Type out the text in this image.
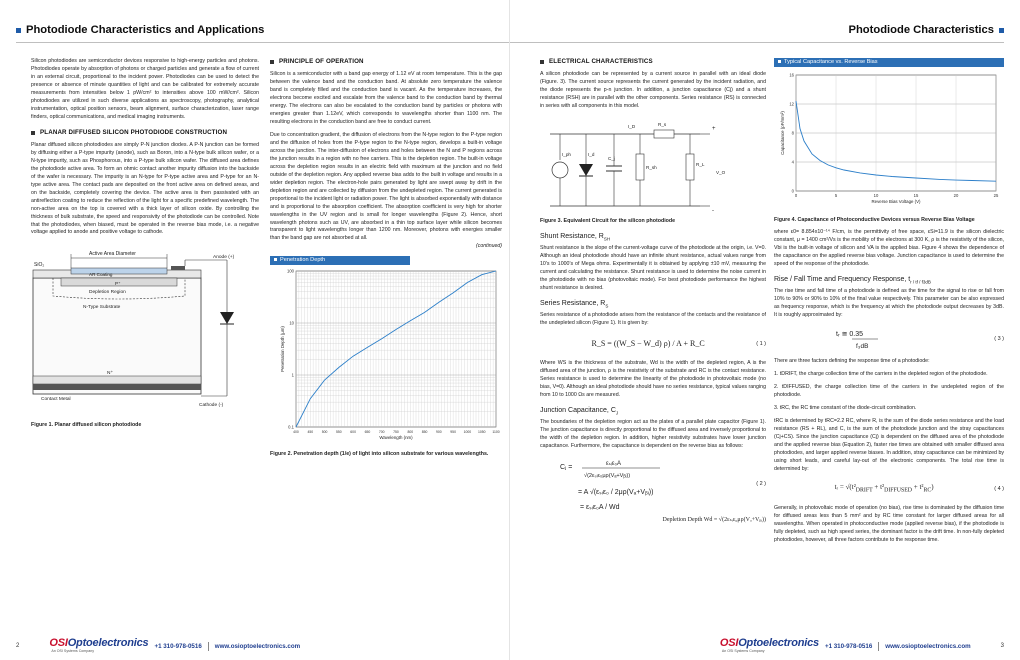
Photodiode Characteristics and Applications

Silicon photodiodes are semiconductor devices responsive to high-energy particles and photons. Photodiodes operate by absorption of photons or charged particles and generate a flow of current in an external circuit, proportional to the incident power. Photodiodes can be used to detect the presence or absence of minute quantities of light and can be calibrated for extremely accurate measurements from intensities below 1 pW/cm² to intensities above 100 mW/cm². Silicon photodiodes are utilized in such diverse applications as spectroscopy, photography, analytical instrumentation, optical position sensors, beam alignment, surface characterization, laser range finders, optical communications, and medical imaging instruments.

PLANAR DIFFUSED SILICON PHOTODIODE CONSTRUCTION

Planar diffused silicon photodiodes are simply P-N junction diodes. A P-N junction can be formed by diffusing either a P-type impurity (anode), such as Boron, into a N-type bulk silicon wafer, or a N-type impurity, such as Phosphorous, into a P-type bulk silicon wafer. The diffused area defines the photodiode active area. To form an ohmic contact another impurity diffusion into the backside of the wafer is necessary. The impurity is an N-type for P-type active area and P-type for an N-type active area. The contact pads are deposited on the front active area on defined areas, and on the backside, completely covering the device. The active area is then passivated with an antireflection coating to reduce the reflection of the light for a specific predefined wavelength. The non-active area on the top is covered with a thick layer of silicon oxide. By controlling the thickness of bulk substrate, the speed and responsivity of the photodiode can be controlled. Note that the photodiodes, when biased, must be operated in the reverse bias mode, i.e. a negative voltage applied to anode and positive voltage to cathode.

Active Area Diameter
SiO₂
AR Coating
P⁺
Depletion Region
N-Type Substrate
N⁺
Contact Metal
Anode (+)
Cathode (-)
Figure 1. Planar diffused silicon photodiode
PRINCIPLE OF OPERATION

Silicon is a semiconductor with a band gap energy of 1.12 eV at room temperature. This is the gap between the valence band and the conduction band. At absolute zero temperature the valence band is completely filled and the conduction band is vacant. As the temperature increases, the electrons become excited and escalate from the valence band to the conduction band by thermal energy. The electrons can also be escalated to the conduction band by particles or photons with energies greater than 1.12eV, which corresponds to wavelengths shorter than 1100 nm. The resulting electrons in the conduction band are free to conduct current.

Due to concentration gradient, the diffusion of electrons from the N-type region to the P-type region and the diffusion of holes from the P-type region to the N-type region, develops a built-in voltage across the junction. The inter-diffusion of electrons and holes between the N and P regions across the junction results in a region with no free carriers. This is the depletion region. The built-in voltage across the depletion region results in an electric field with maximum at the junction and no field outside of the depletion region. Any applied reverse bias adds to the built in voltage and results in a wider depletion region. The electron-hole pairs generated by light are swept away by drift in the depletion region and are collected by diffusion from the undepleted region. The current generated is proportional to the incident light or radiation power. The light is absorbed exponentially with distance and is proportional to the absorption coefficient. The absorption coefficient is very high for shorter wavelengths in the UV region and is small for longer wavelengths (Figure 2). Hence, short wavelength photons such as UV, are absorbed in a thin top surface layer while silicon becomes transparent to light wavelengths longer than 1200 nm. Moreover, photons with energies smaller than the band gap are not absorbed at all.

(continued)
Penetration Depth
0.1
1
10
100
400	450	500	550	600	650	700	750	800	850	900	950 1000 1050 1100
Wavelength (nm)
Penetration Depth (µm)
Figure 2. Penetration depth (1/e) of light into silicon substrate for various wavelengths.
2	OSIOptoelectronics
An OSI Systems Company
+1 310-978-0516 www.osioptoelectronics.com
Photodiode Characteristics
ELECTRICAL CHARACTERISTICS

A silicon photodiode can be represented by a current source in parallel with an ideal diode (Figure. 3). The current source represents the current generated by the incident radiation, and the diode represents the p-n junction. In addition, a junction capacitance (Cj) and a shunt resistance (RSH) are in parallel with the other components. Series resistance (RS) is connected in series with all components in this model.

I_ph	I_d
C_j
R_sh
I_D	R_s
R_L
V_O
+
-
Figure 3. Equivalent Circuit for the silicon photodiode
Shunt Resistance, $R_{SH}$

Shunt resistance is the slope of the current-voltage curve of the photodiode at the origin, i.e. V=0. Although an ideal photodiode should have an infinite shunt resistance, actual values range from 10's to 1000's of Mega ohms. Experimentally it is obtained by applying ±10 mV, measuring the current and calculating the resistance. Shunt resistance is used to determine the noise current in the photodiode with no bias (photovoltaic mode). For best photodiode performance the highest shunt resistance is desired.

Series Resistance, $R_S$

Series resistance of a photodiode arises from the resistance of the contacts and the resistance of the undepleted silicon (Figure 1). It is given by:

R_S = ((W_S − W_d) ρ) / A + R_C	( 1 )

Where WS is the thickness of the substrate, Wd is the width of the depleted region, A is the diffused area of the junction, ρ is the resistivity of the substrate and RC is the contact resistance. Series resistance is used to determine the linearity of the photodiode in photovoltaic mode (no bias, V=0). Although an ideal photodiode should have no series resistance, typical values ranging from 10 to 1000 Ωs are measured.

Junction Capacitance, $C_J$

The boundaries of the depletion region act as the plates of a parallel plate capacitor (Figure 1). The junction capacitance is directly proportional to the diffused area and inversely proportional to the width of the depletion region. In addition, higher resistivity substrates have lower junction capacitance. Furthermore, the capacitance is dependent on the reverse bias as follows:

Cⱼ =	εₛᵢε₀A
√(2εₛᵢε₀μρ(Vₐ+Vᵦᵢ))
= A √(εₛᵢε₀ / 2μρ(Vₐ+Vᵦᵢ))
= εₛᵢε₀A / Wd
( 2 )
Depletion Depth Wd = √(2εₛᵢε₀μρ(Vₐ+Vᵦᵢ))
Typical Capacitance vs. Reverse Bias
0
4
8
12
16
0	5	10	15	20	25
Reverse Bias Voltage (V)
Capacitance (pF/mm²)
Figure 4. Capacitance of Photoconductive Devices versus Reverse Bias Voltage

where ε0= 8.854x10⁻¹⁴ F/cm, is the permittivity of free space, εSi=11.9 is the silicon dielectric constant, μ = 1400 cm²/Vs is the mobility of the electrons at 300 K, ρ is the resistivity of the silicon, Vbi is the built-in voltage of silicon and VA is the applied bias. Figure 4 shows the dependence of the capacitance on the applied reverse bias voltage. Junction capacitance is used to determine the speed of the response of the photodiode.

Rise / Fall Time and Frequency Response, $t_{r / tf / f3dB}$

The rise time and fall time of a photodiode is defined as the time for the signal to rise or fall from 10% to 90% or 90% to 10% of the final value respectively. This parameter can be also expressed as frequency response, which is the frequency at which the photodiode output decreases by 3dB. It is roughly approximated by:

tᵣ ≅ 0.35
f₃dB
( 3 )

There are three factors defining the response time of a photodiode:

1. tDRIFT, the charge collection time of the carriers in the depleted region of the photodiode.
2. tDIFFUSED, the charge collection time of the carriers in the undepleted region of the photodiode.
3. tRC, the RC time constant of the diode-circuit combination.

tRC is determined by tRC=2.2 RC, where R, is the sum of the diode series resistance and the load resistance (RS + RL), and C, is the sum of the photodiode junction and the stray capacitances (Cj+CS). Since the junction capacitance (Cj) is dependent on the diffused area of the photodiode and the applied reverse bias (Equation 2), faster rise times are obtained with smaller diffused area photodiodes, and larger applied reverse biases. In addition, stray capacitance can be minimized by using short leads, and careful lay-out of the electronic components. The total rise time is determined by:

tᵣ = $√(t^2_{DRIFT} + t^2_{DIFFUSED} + t^2_{RC})$	( 4 )

Generally, in photovoltaic mode of operation (no bias), rise time is dominated by the diffusion time for diffused areas less than 5 mm² and by RC time constant for larger diffused areas for all wavelengths. When operated in photoconductive mode (applied reverse bias), if the photodiode is fully depleted, such as high speed series, the dominant factor is the drift time. In non-fully depleted photodiodes, however, all three factors contribute to the response time.

OSIOptoelectronics
An OSI Systems Company
+1 310-978-0516 www.osioptoelectronics.com	3
